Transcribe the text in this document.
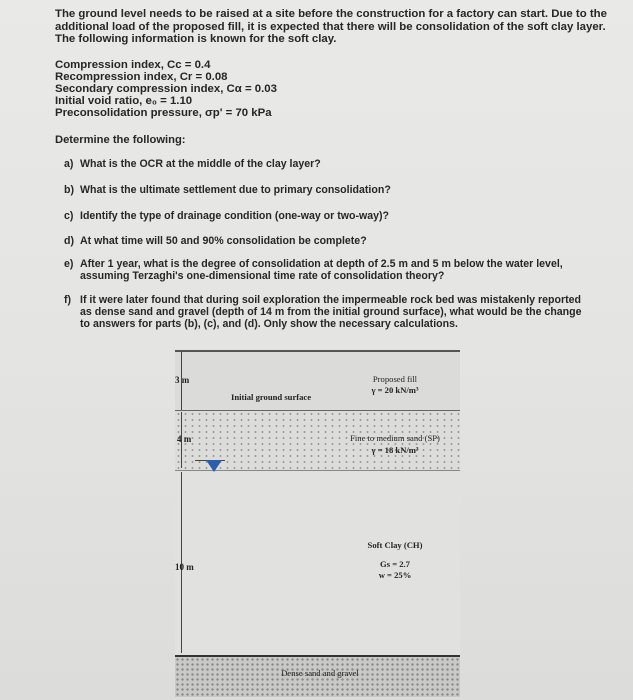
The ground level needs to be raised at a site before the construction for a factory can start. Due to the additional load of the proposed fill, it is expected that there will be consolidation of the soft clay layer. The following information is known for the soft clay.

Compression index, Cc = 0.4
Recompression index, Cr = 0.08
Secondary compression index, Cα = 0.03
Initial void ratio, e₀ = 1.10
Preconsolidation pressure, σp' = 70 kPa
Determine the following:
a) What is the OCR at the middle of the clay layer?
b) What is the ultimate settlement due to primary consolidation?
c) Identify the type of drainage condition (one-way or two-way)?
d) At what time will 50 and 90% consolidation be complete?
e) After 1 year, what is the degree of consolidation at depth of 2.5 m and 5 m below the water level, assuming Terzaghi's one-dimensional time rate of consolidation theory?
f) If it were later found that during soil exploration the impermeable rock bed was mistakenly reported as dense sand and gravel (depth of 14 m from the initial ground surface), what would be the change to answers for parts (b), (c), and (d). Only show the necessary calculations.
3 m
4 m
10 m
Initial ground surface
Proposed fill
γ = 20 kN/m³
Fine to medium sand (SP)
γ = 18 kN/m³
Soft Clay (CH)
Gs = 2.7
w = 25%
Dense sand and gravel
